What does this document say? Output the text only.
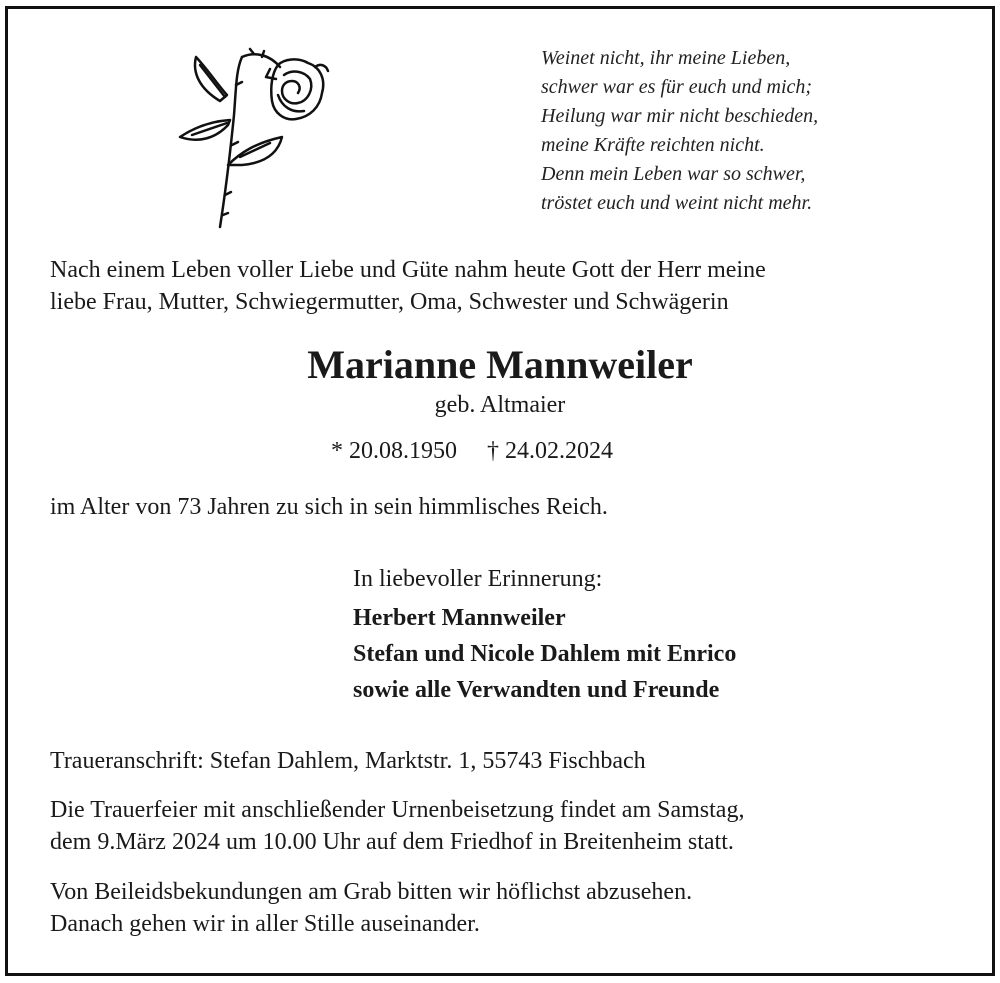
Weinet nicht, ihr meine Lieben,
schwer war es für euch und mich;
Heilung war mir nicht beschieden,
meine Kräfte reichten nicht.
Denn mein Leben war so schwer,
tröstet euch und weint nicht mehr.

Nach einem Leben voller Liebe und Güte nahm heute Gott der Herr meine
liebe Frau, Mutter, Schwiegermutter, Oma, Schwester und Schwägerin

Marianne Mannweiler
geb. Altmaier
* 20.08.1950 † 24.02.2024
im Alter von 73 Jahren zu sich in sein himmlisches Reich.
In liebevoller Erinnerung:
Herbert Mannweiler
Stefan und Nicole Dahlem mit Enrico
sowie alle Verwandten und Freunde

Traueranschrift: Stefan Dahlem, Marktstr. 1, 55743 Fischbach

Die Trauerfeier mit anschließender Urnenbeisetzung findet am Samstag,
dem 9.März 2024 um 10.00 Uhr auf dem Friedhof in Breitenheim statt.

Von Beileidsbekundungen am Grab bitten wir höflichst abzusehen.
Danach gehen wir in aller Stille auseinander.
